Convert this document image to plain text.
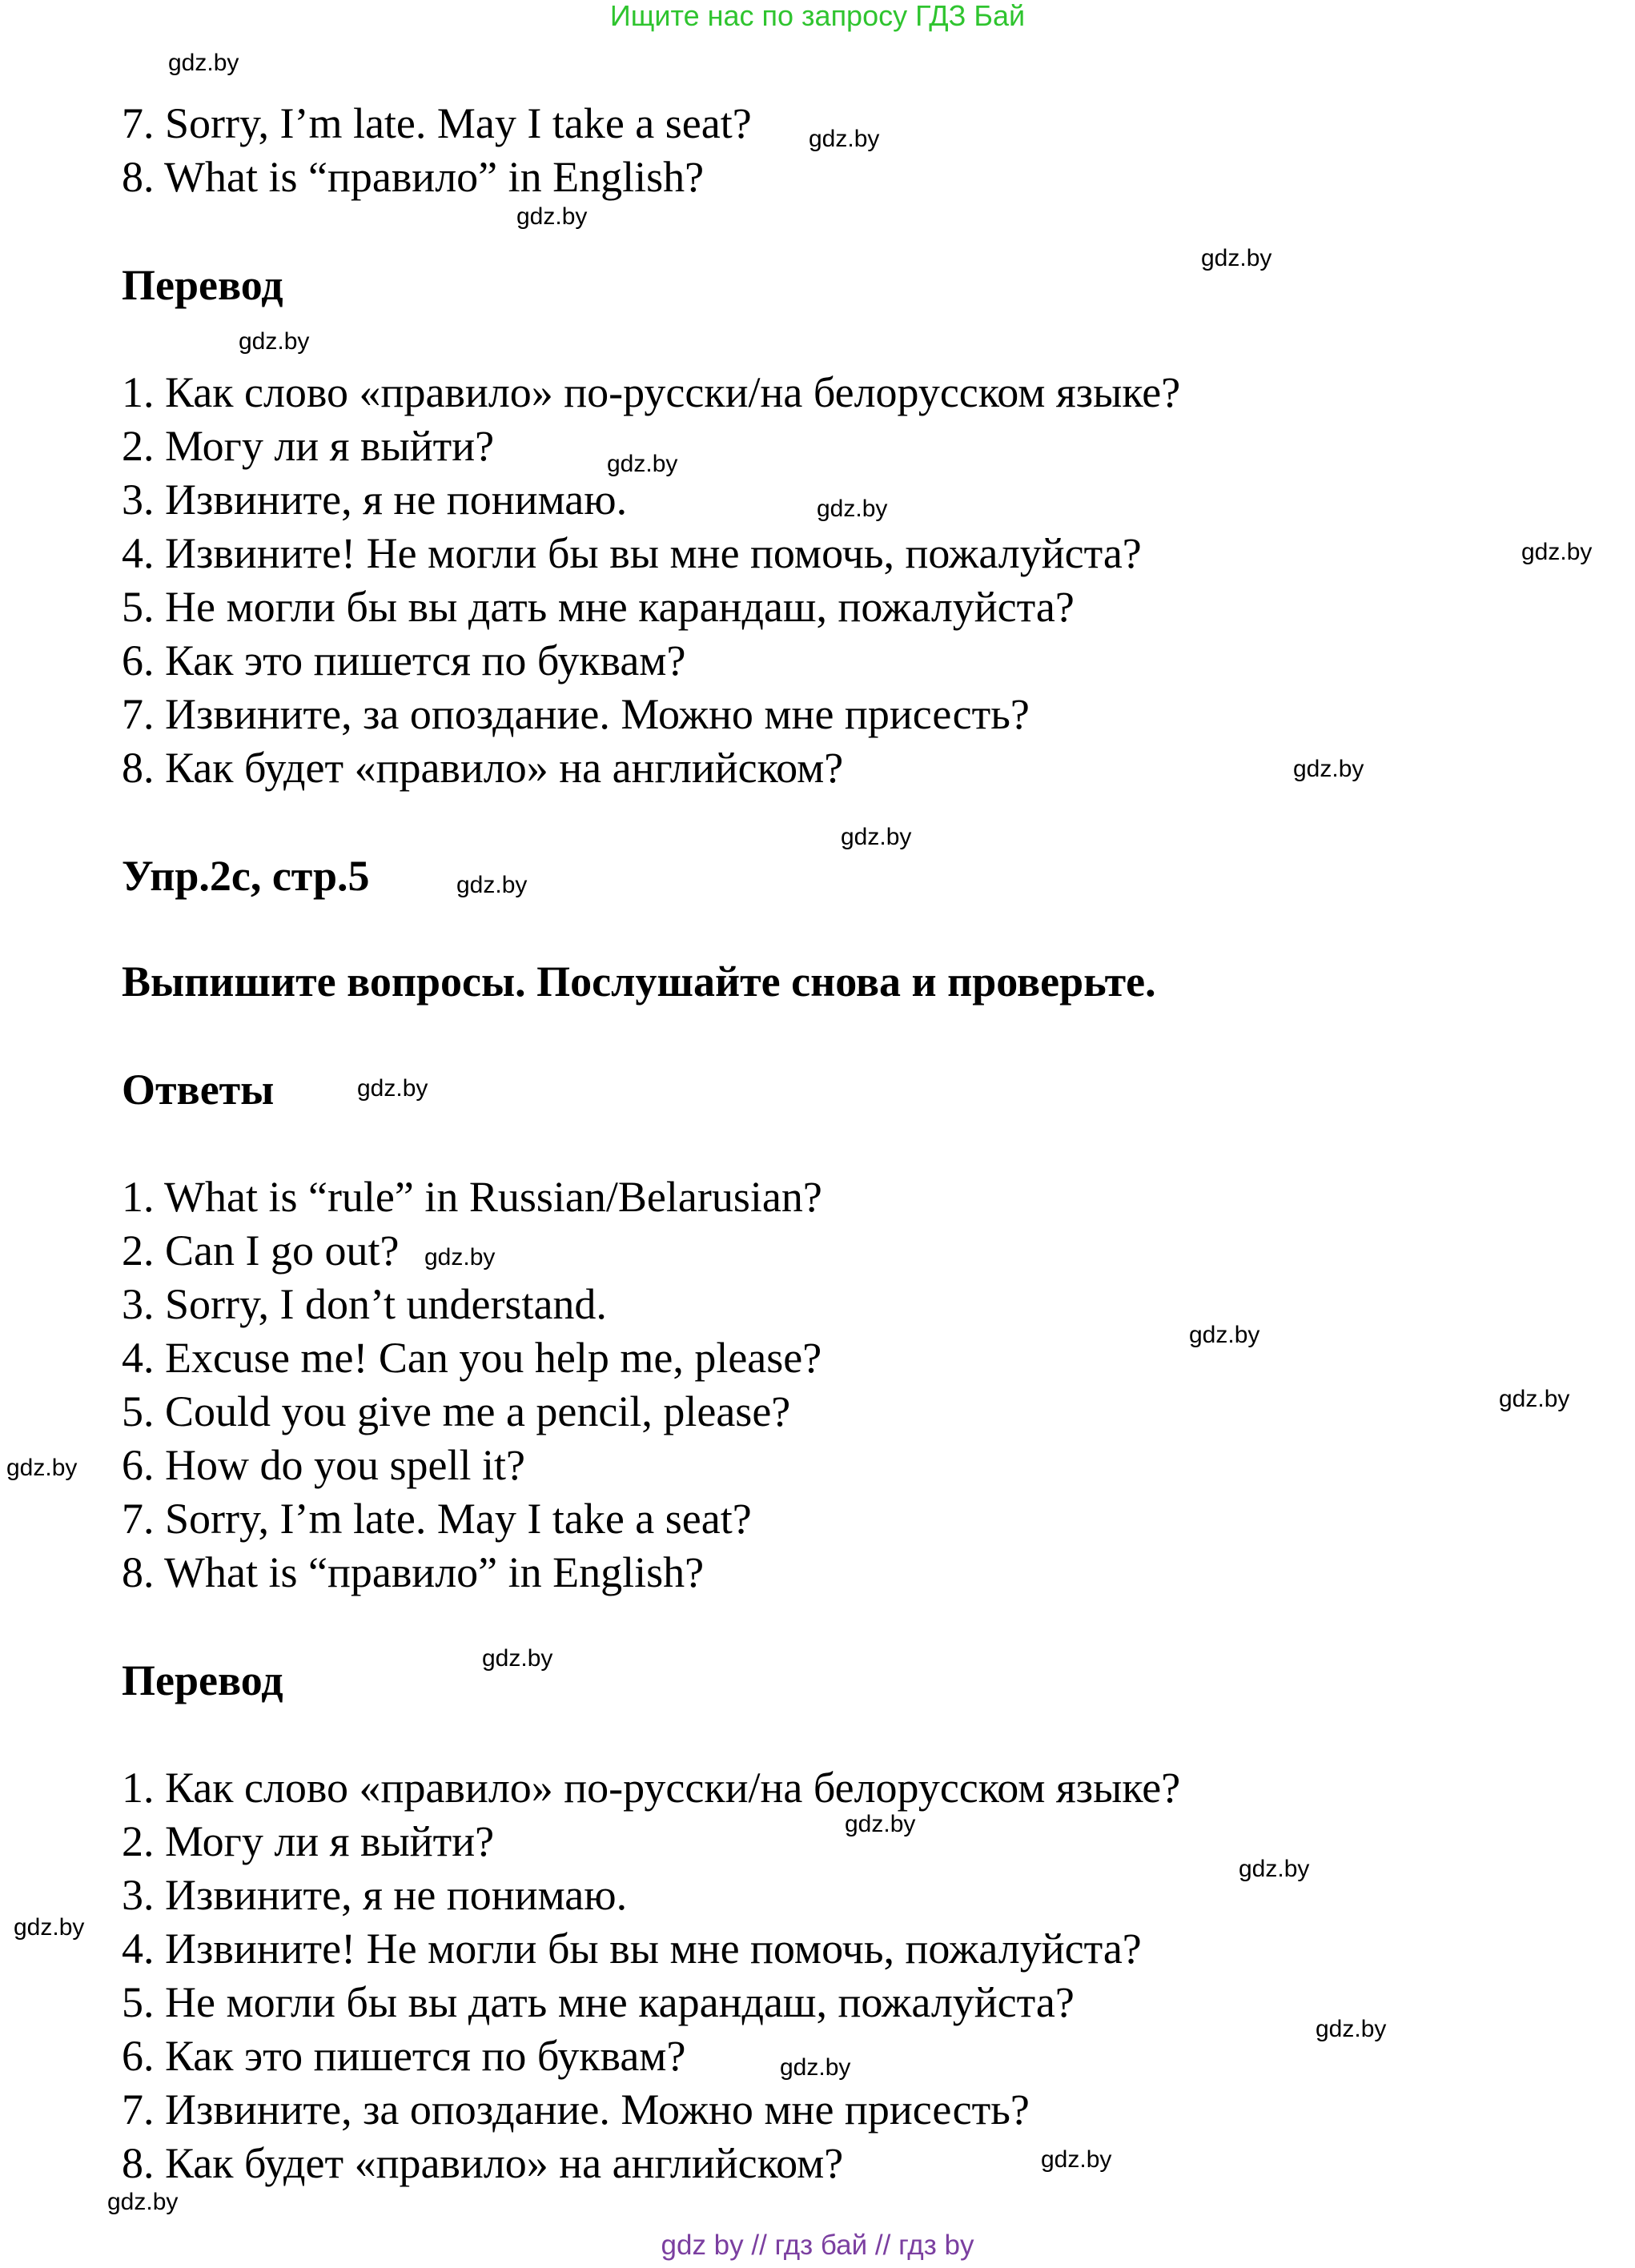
Ищите нас по запросу ГДЗ Бай
7. Sorry, I’m late. May I take a seat?
8. What is “правило” in English?
Перевод
1. Как слово «правило» по-русски/на белорусском языке?
2. Могу ли я выйти?
3. Извините, я не понимаю.
4. Извините! Не могли бы вы мне помочь, пожалуйста?
5. Не могли бы вы дать мне карандаш, пожалуйста?
6. Как это пишется по буквам?
7. Извините, за опоздание. Можно мне присесть?
8. Как будет «правило» на английском?
Упр.2с, стр.5
Выпишите вопросы. Послушайте снова и проверьте.
Ответы
1. What is “rule” in Russian/Belarusian?
2. Can I go out?
3. Sorry, I don’t understand.
4. Excuse me! Can you help me, please?
5. Could you give me a pencil, please?
6. How do you spell it?
7. Sorry, I’m late. May I take a seat?
8. What is “правило” in English?
Перевод
1. Как слово «правило» по-русски/на белорусском языке?
2. Могу ли я выйти?
3. Извините, я не понимаю.
4. Извините! Не могли бы вы мне помочь, пожалуйста?
5. Не могли бы вы дать мне карандаш, пожалуйста?
6. Как это пишется по буквам?
7. Извините, за опоздание. Можно мне присесть?
8. Как будет «правило» на английском?
gdz.by
gdz.by
gdz.by
gdz.by
gdz.by
gdz.by
gdz.by
gdz.by
gdz.by
gdz.by
gdz.by
gdz.by
gdz.by
gdz.by
gdz.by
gdz.by
gdz.by
gdz.by
gdz.by
gdz.by
gdz.by
gdz.by
gdz.by
gdz.by
gdz by // гдз бай // гдз by
